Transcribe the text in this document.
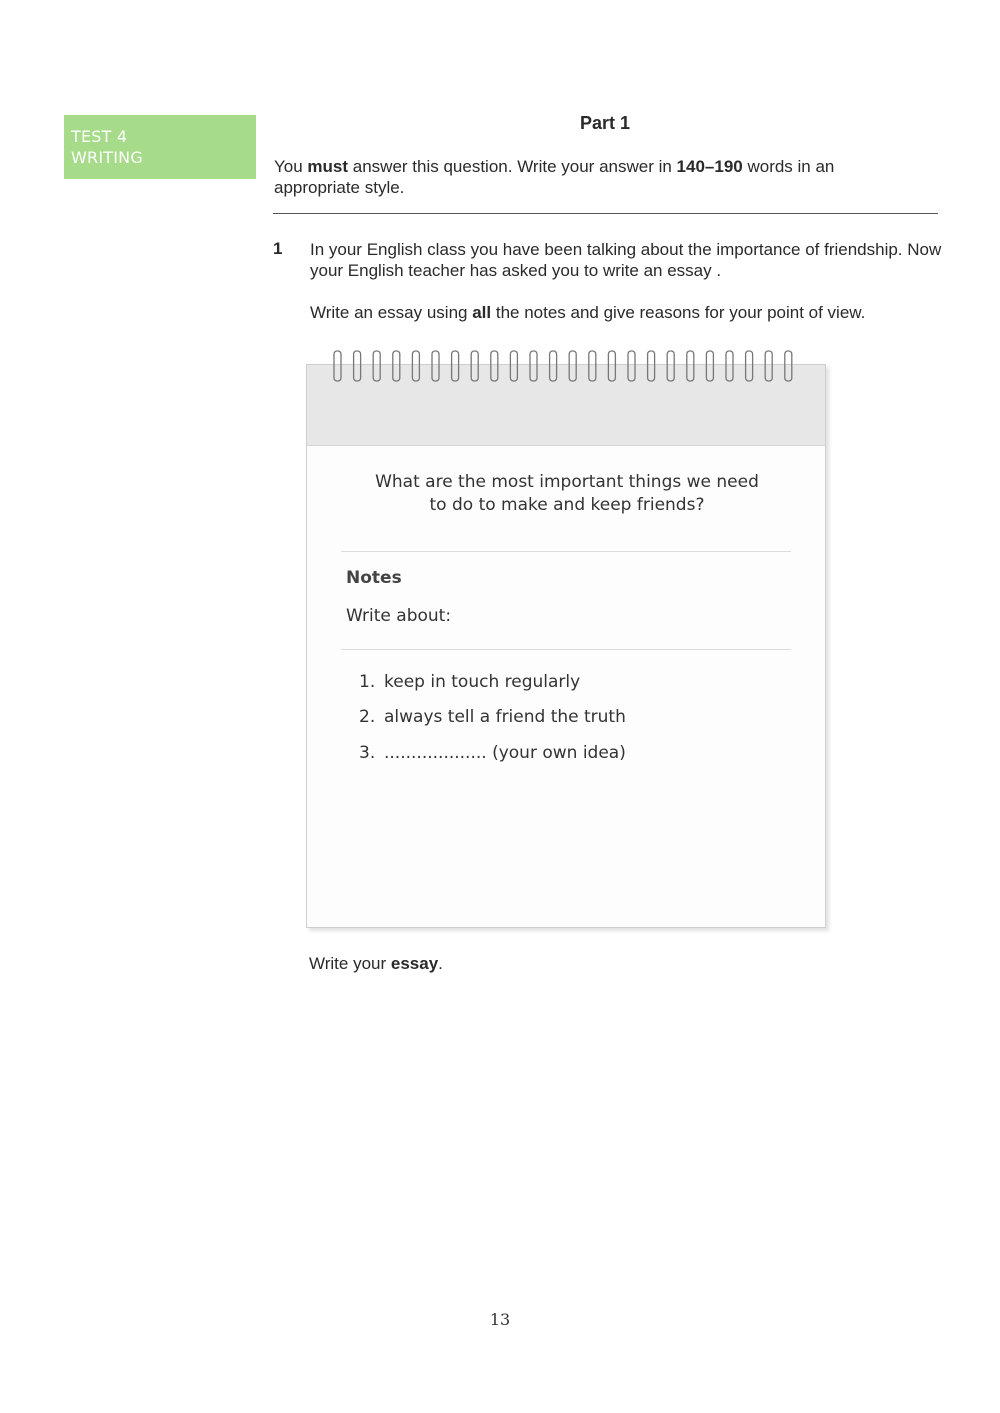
TEST 4
WRITING
Part 1
You must answer this question. Write your answer in 140–190 words in an appropriate style.
1 In your English class you have been talking about the importance of friendship. Now your English teacher has asked you to write an essay .
Write an essay using all the notes and give reasons for your point of view.
What are the most important things we need
to do to make and keep friends?
Notes
Write about:
1. keep in touch regularly
2. always tell a friend the truth
3. ................... (your own idea)
Write your essay.
13
